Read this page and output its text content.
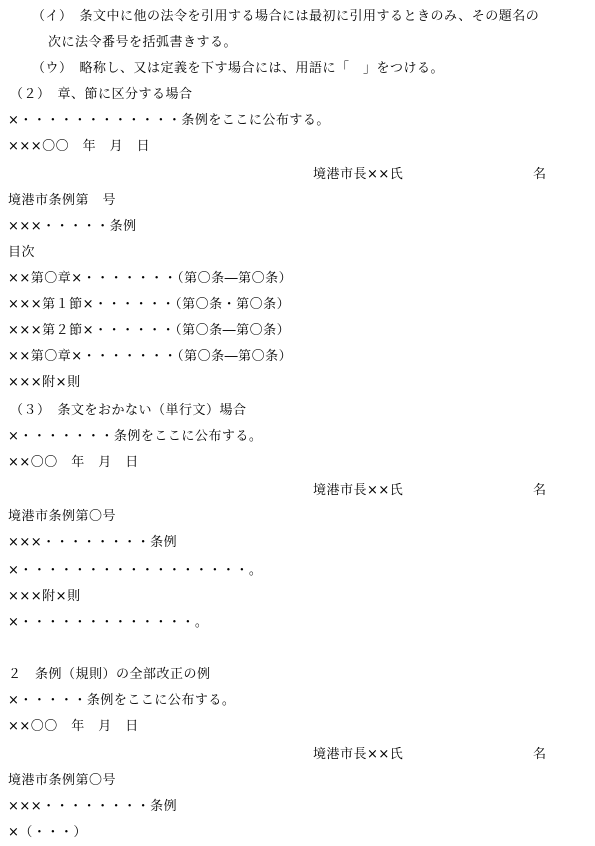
（イ）　条文中に他の法令を引用する場合には最初に引用するときのみ、その題名の
次に法令番号を括弧書きする。
（ウ）　略称し、又は定義を下す場合には、用語に「　」をつける。
（２）　章、節に区分する場合
×・・・・・・・・・・・・条例をここに公布する。
×××〇〇　年　月　日
境港市長××氏	名
境港市条例第　号
×××・・・・・条例
目次
××第〇章×・・・・・・・（第〇条―第〇条）
×××第１節×・・・・・・（第〇条・第〇条）
×××第２節×・・・・・・（第〇条―第〇条）
××第〇章×・・・・・・・（第〇条―第〇条）
×××附×則
（３）　条文をおかない（単行文）場合
×・・・・・・・条例をここに公布する。
××〇〇　年　月　日
境港市長××氏	名
境港市条例第〇号
×××・・・・・・・・条例
×・・・・・・・・・・・・・・・・・。
×××附×則
×・・・・・・・・・・・・・。
２　条例（規則）の全部改正の例
×・・・・・条例をここに公布する。
××〇〇　年　月　日
境港市長××氏	名
境港市条例第〇号
×××・・・・・・・・条例
×（・・・）
